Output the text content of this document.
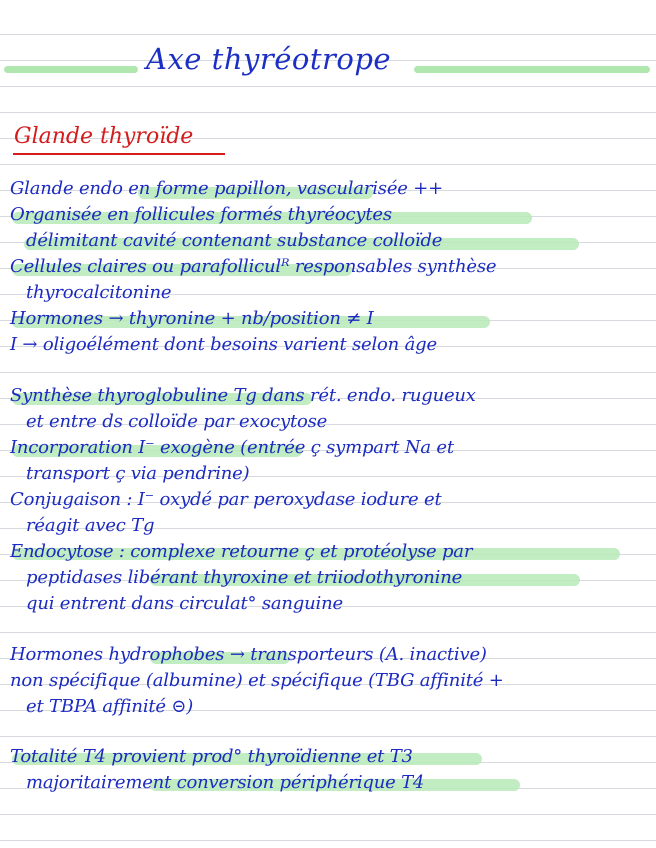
Axe thyréotrope
Glande thyroïde
Glande endo en forme papillon, vascularisée ++
Organisée en follicules formés thyréocytes
délimitant cavité contenant substance colloïde
Cellules claires ou parafolliculᴿ responsables synthèse
thyrocalcitonine
Hormones → thyronine + nb/position ≠ I
I → oligoélément dont besoins varient selon âge
Synthèse thyroglobuline Tg dans rét. endo. rugueux
et entre ds colloïde par exocytose
Incorporation I⁻ exogène (entrée ç sympart Na et
transport ç via pendrine)
Conjugaison : I⁻ oxydé par peroxydase iodure et
réagit avec Tg
Endocytose : complexe retourne ç et protéolyse par
peptidases libérant thyroxine et triiodothyronine
qui entrent dans circulat° sanguine
Hormones hydrophobes → transporteurs (A. inactive)
non spécifique (albumine) et spécifique (TBG affinité +
et TBPA affinité ⊝)
Totalité T4 provient prod° thyroïdienne et T3
majoritairement conversion périphérique T4
